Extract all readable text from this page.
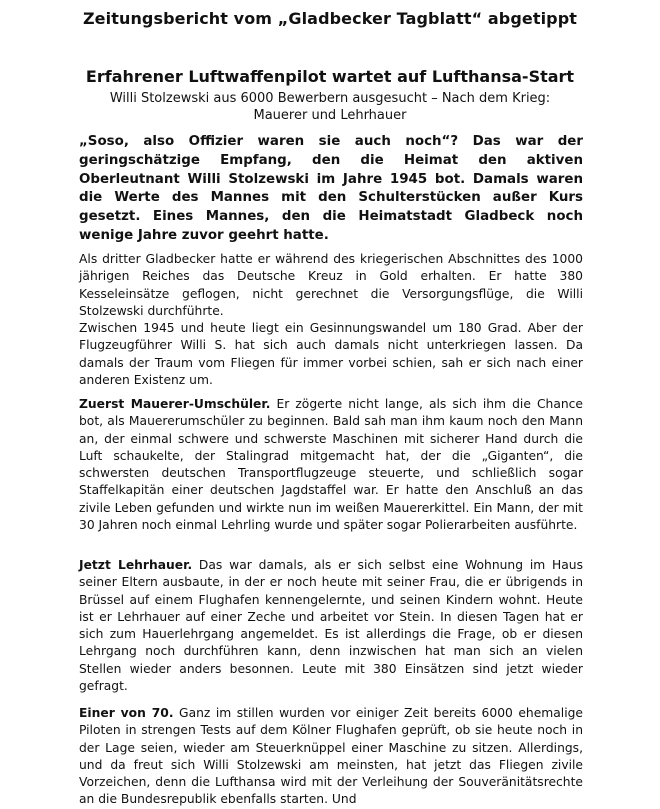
Zeitungsbericht vom „Gladbecker Tagblatt“ abgetippt
Erfahrener Luftwaffenpilot wartet auf Lufthansa-Start
Willi Stolzewski aus 6000 Bewerbern ausgesucht – Nach dem Krieg:
Mauerer und Lehrhauer
„Soso, also Offizier waren sie auch noch“? Das war der geringschätzige Empfang, den die Heimat den aktiven Oberleutnant Willi Stolzewski im Jahre 1945 bot. Damals waren die Werte des Mannes mit den Schulterstücken außer Kurs gesetzt. Eines Mannes, den die Heimatstadt Gladbeck noch wenige Jahre zuvor geehrt hatte.
Als dritter Gladbecker hatte er während des kriegerischen Abschnittes des 1000 jährigen Reiches das Deutsche Kreuz in Gold erhalten. Er hatte 380 Kesseleinsätze geflogen, nicht gerechnet die Versorgungsflüge, die Willi Stolzewski durchführte.
Zwischen 1945 und heute liegt ein Gesinnungswandel um 180 Grad. Aber der Flugzeugführer Willi S. hat sich auch damals nicht unterkriegen lassen. Da damals der Traum vom Fliegen für immer vorbei schien, sah er sich nach einer anderen Existenz um.
Zuerst Mauerer-Umschüler. Er zögerte nicht lange, als sich ihm die Chance bot, als Mauererumschüler zu beginnen. Bald sah man ihm kaum noch den Mann an, der einmal schwere und schwerste Maschinen mit sicherer Hand durch die Luft schaukelte, der Stalingrad mitgemacht hat, der die „Giganten“, die schwersten deutschen Transportflugzeuge steuerte, und schließlich sogar Staffelkapitän einer deutschen Jagdstaffel war. Er hatte den Anschluß an das zivile Leben gefunden und wirkte nun im weißen Mauererkittel. Ein Mann, der mit 30 Jahren noch einmal Lehrling wurde und später sogar Polierarbeiten ausführte.
Jetzt Lehrhauer. Das war damals, als er sich selbst eine Wohnung im Haus seiner Eltern ausbaute, in der er noch heute mit seiner Frau, die er übrigends in Brüssel auf einem Flughafen kennengelernte, und seinen Kindern wohnt. Heute ist er Lehrhauer auf einer Zeche und arbeitet vor Stein. In diesen Tagen hat er sich zum Hauerlehrgang angemeldet. Es ist allerdings die Frage, ob er diesen Lehrgang noch durchführen kann, denn inzwischen hat man sich an vielen Stellen wieder anders besonnen. Leute mit 380 Einsätzen sind jetzt wieder gefragt.
Einer von 70. Ganz im stillen wurden vor einiger Zeit bereits 6000 ehemalige Piloten in strengen Tests auf dem Kölner Flughafen geprüft, ob sie heute noch in der Lage seien, wieder am Steuerknüppel einer Maschine zu sitzen. Allerdings, und da freut sich Willi Stolzewski am meinsten, hat jetzt das Fliegen zivile Vorzeichen, denn die Lufthansa wird mit der Verleihung der Souveränitätsrechte an die Bundesrepublik ebenfalls starten. Und
